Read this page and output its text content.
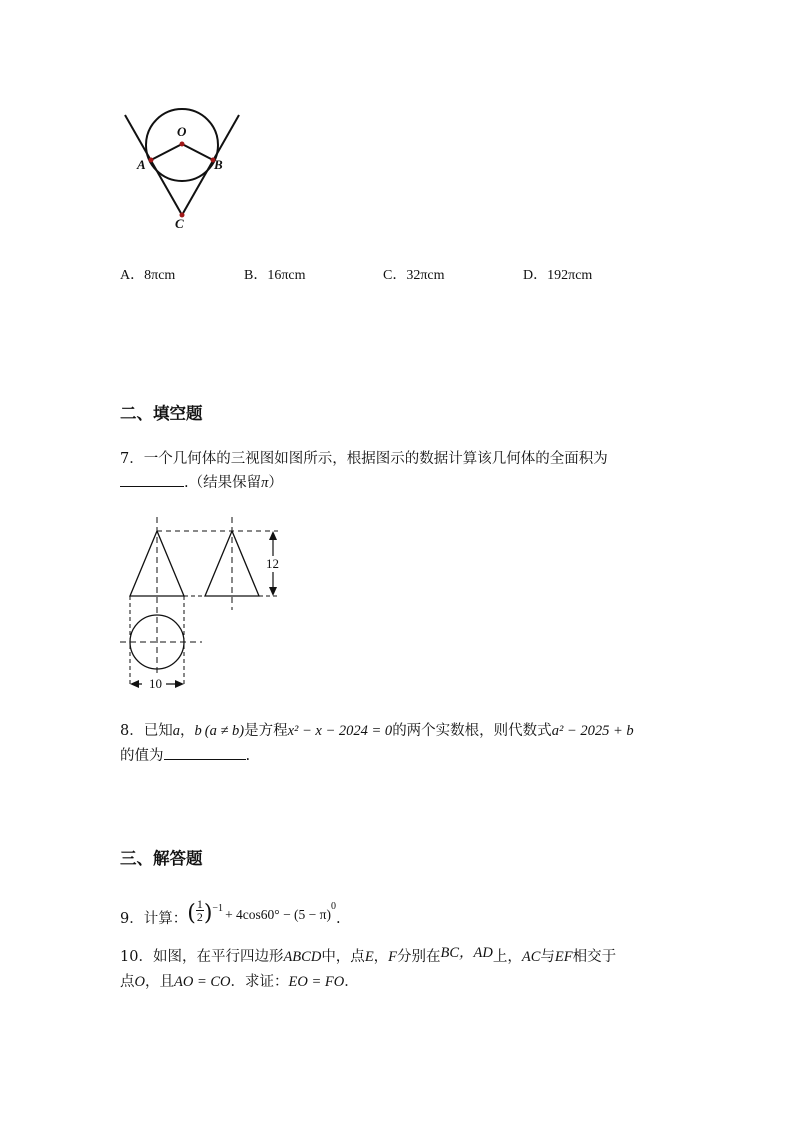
O
A	B
C
A．8πcm	B．16πcm	C．32πcm	D．192πcm
二、填空题
7．一个几何体的三视图如图所示，根据图示的数据计算该几何体的全面积为
.（结果保留π）
12
10
8．已知a，b (a ≠ b)是方程x² − x − 2024 = 0的两个实数根，则代数式a² − 2025 + b
的值为	.
三、解答题
9．计算：( $\frac{1}{2} )^{-1} + 4\cos 60^\circ - (5 - \pi)^0$.
10．如图，在平行四边形ABCD中，点E，F分别在BC，AD上，AC与EF相交于
点O，且AO = CO．求证：EO = FO．
